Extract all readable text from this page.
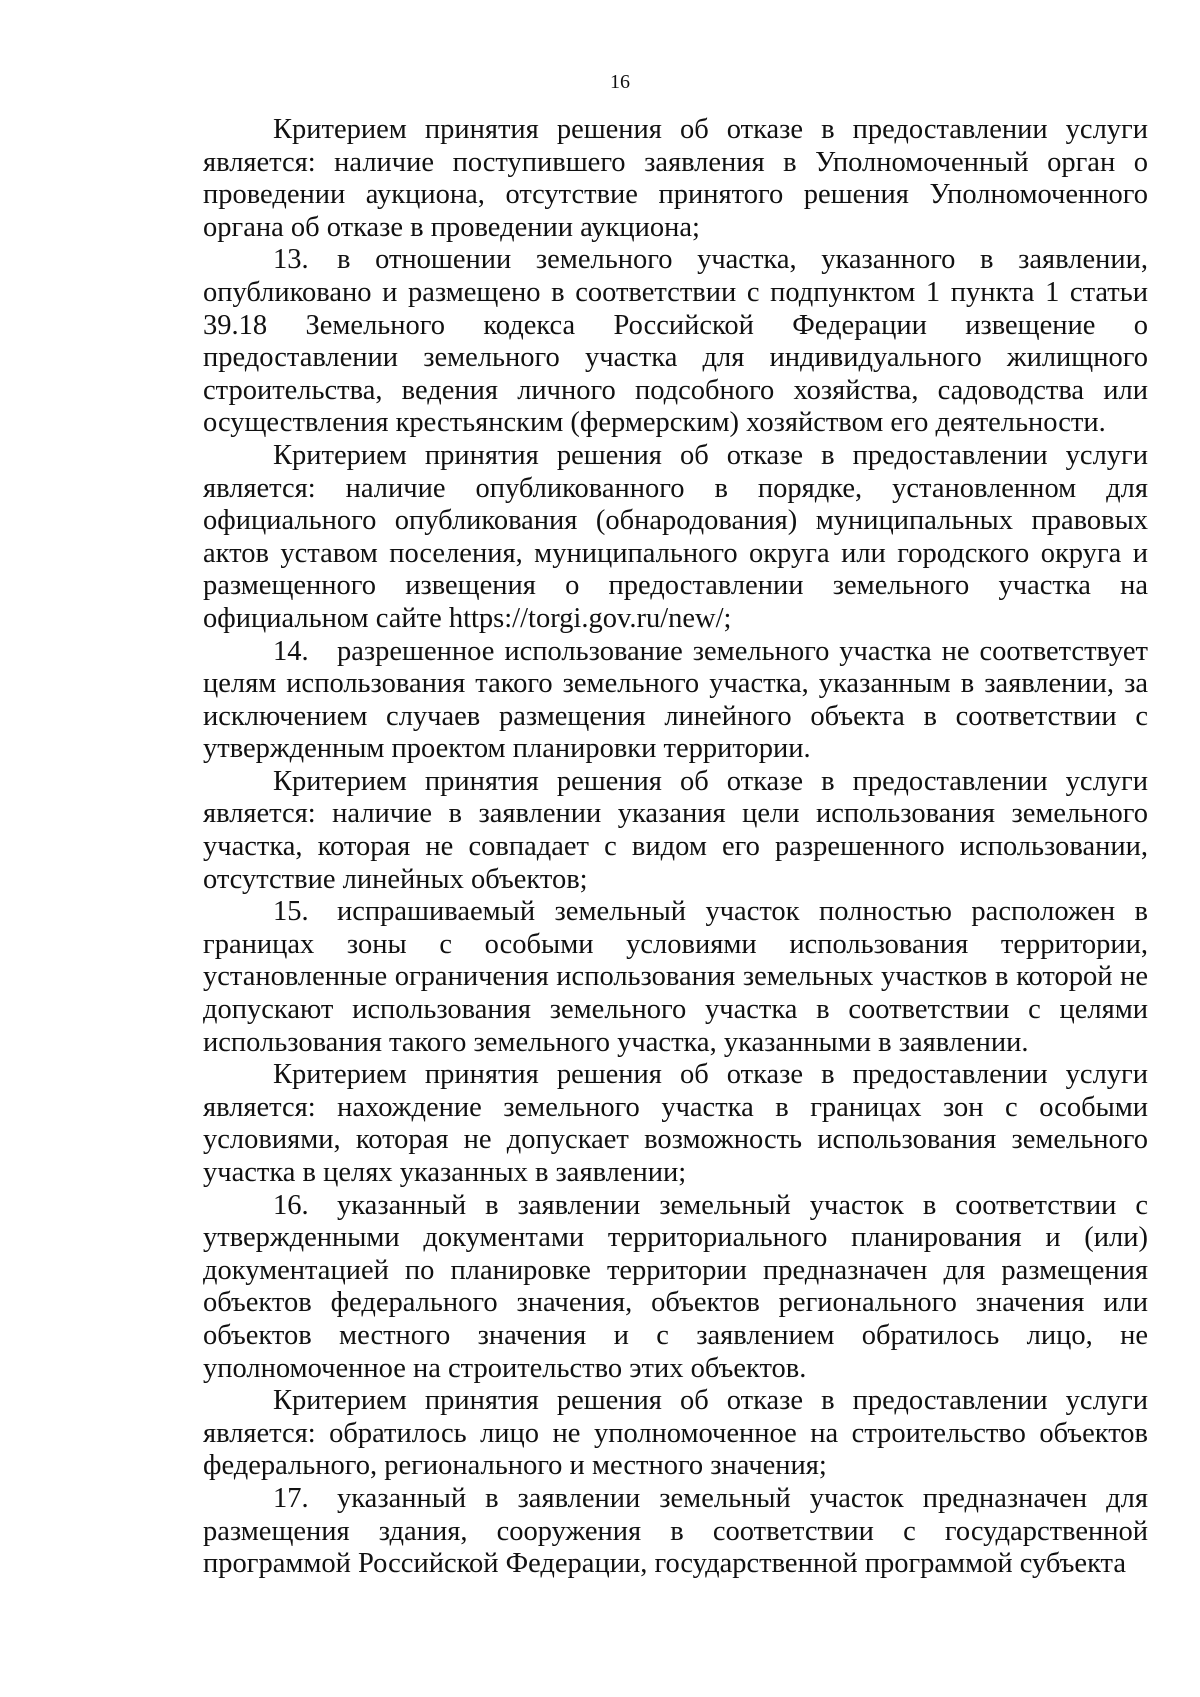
16

Критерием принятия решения об отказе в предоставлении услуги является: наличие поступившего заявления в Уполномоченный орган о проведении аукциона, отсутствие принятого решения Уполномоченного органа об отказе в проведении аукциона;

13. в отношении земельного участка, указанного в заявлении, опубликовано и размещено в соответствии с подпунктом 1 пункта 1 статьи 39.18 Земельного кодекса Российской Федерации извещение о предоставлении земельного участка для индивидуального жилищного строительства, ведения личного подсобного хозяйства, садоводства или осуществления крестьянским (фермерским) хозяйством его деятельности.

Критерием принятия решения об отказе в предоставлении услуги является: наличие опубликованного в порядке, установленном для официального опубликования (обнародования) муниципальных правовых актов уставом поселения, муниципального округа или городского округа и размещенного извещения о предоставлении земельного участка на официальном сайте https://torgi.gov.ru/new/;

14. разрешенное использование земельного участка не соответствует целям использования такого земельного участка, указанным в заявлении, за исключением случаев размещения линейного объекта в соответствии с утвержденным проектом планировки территории.

Критерием принятия решения об отказе в предоставлении услуги является: наличие в заявлении указания цели использования земельного участка, которая не совпадает с видом его разрешенного использовании, отсутствие линейных объектов;

15. испрашиваемый земельный участок полностью расположен в границах зоны с особыми условиями использования территории, установленные ограничения использования земельных участков в которой не допускают использования земельного участка в соответствии с целями использования такого земельного участка, указанными в заявлении.

Критерием принятия решения об отказе в предоставлении услуги является: нахождение земельного участка в границах зон с особыми условиями, которая не допускает возможность использования земельного участка в целях указанных в заявлении;

16. указанный в заявлении земельный участок в соответствии с утвержденными документами территориального планирования и (или) документацией по планировке территории предназначен для размещения объектов федерального значения, объектов регионального значения или объектов местного значения и с заявлением обратилось лицо, не уполномоченное на строительство этих объектов.

Критерием принятия решения об отказе в предоставлении услуги является: обратилось лицо не уполномоченное на строительство объектов федерального, регионального и местного значения;

17. указанный в заявлении земельный участок предназначен для размещения здания, сооружения в соответствии с государственной программой Российской Федерации, государственной программой субъекта
